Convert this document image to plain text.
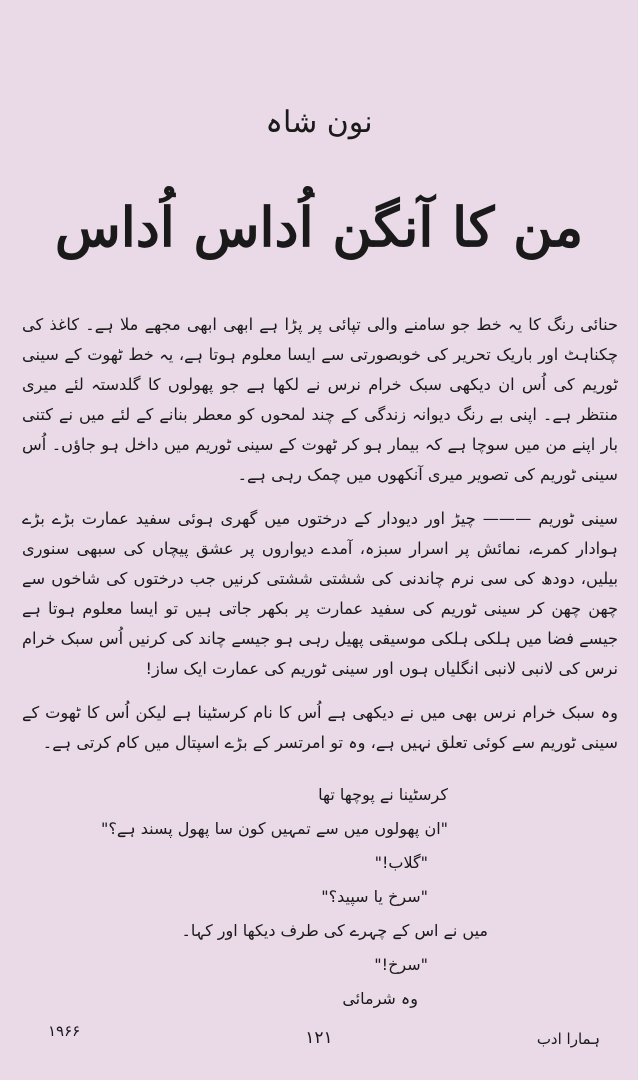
نون شاہ
من کا آنگن اُداس اُداس

حنائی رنگ کا یہ خط جو سامنے والی تپائی پر پڑا ہے ابھی ابھی مجھے ملا ہے۔ کاغذ کی چکناہٹ اور باریک تحریر کی خوبصورتی سے ایسا معلوم ہوتا ہے، یہ خط ٹھوت کے سینی ٹوریم کی اُس ان دیکھی سبک خرام نرس نے لکھا ہے جو پھولوں کا گلدستہ لئے میری منتظر ہے۔ اپنی بے رنگ دیوانہ زندگی کے چند لمحوں کو معطر بنانے کے لئے میں نے کتنی بار اپنے من میں سوچا ہے کہ بیمار ہو کر ٹھوت کے سینی ٹوریم میں داخل ہو جاؤں۔ اُس سینی ٹوریم کی تصویر میری آنکھوں میں چمک رہی ہے۔

سینی ٹوریم ——— چیڑ اور دیودار کے درختوں میں گھری ہوئی سفید عمارت بڑے بڑے ہوادار کمرے، نمائش پر اسرار سبزہ، آمدے دیواروں پر عشق پیچاں کی سبھی سنوری بیلیں، دودھ کی سی نرم چاندنی کی ششتی ششتی کرنیں جب درختوں کی شاخوں سے چھن چھن کر سینی ٹوریم کی سفید عمارت پر بکھر جاتی ہیں تو ایسا معلوم ہوتا ہے جیسے فضا میں ہلکی ہلکی موسیقی پھیل رہی ہو جیسے چاند کی کرنیں اُس سبک خرام نرس کی لانبی لانبی انگلیاں ہوں اور سینی ٹوریم کی عمارت ایک ساز!

وہ سبک خرام نرس بھی میں نے دیکھی ہے اُس کا نام کرسٹینا ہے لیکن اُس کا ٹھوت کے سینی ٹوریم سے کوئی تعلق نہیں ہے، وہ تو امرتسر کے بڑے اسپتال میں کام کرتی ہے۔

کرسٹینا نے پوچھا تھا
"ان پھولوں میں سے تمہیں کون سا پھول پسند ہے؟"
"گلاب!"
"سرخ یا سپید؟"
میں نے اس کے چہرے کی طرف دیکھا اور کہا۔
"سرخ!"
وہ شرمائی
۱۹۶۶	۱۲۱	ہمارا ادب
